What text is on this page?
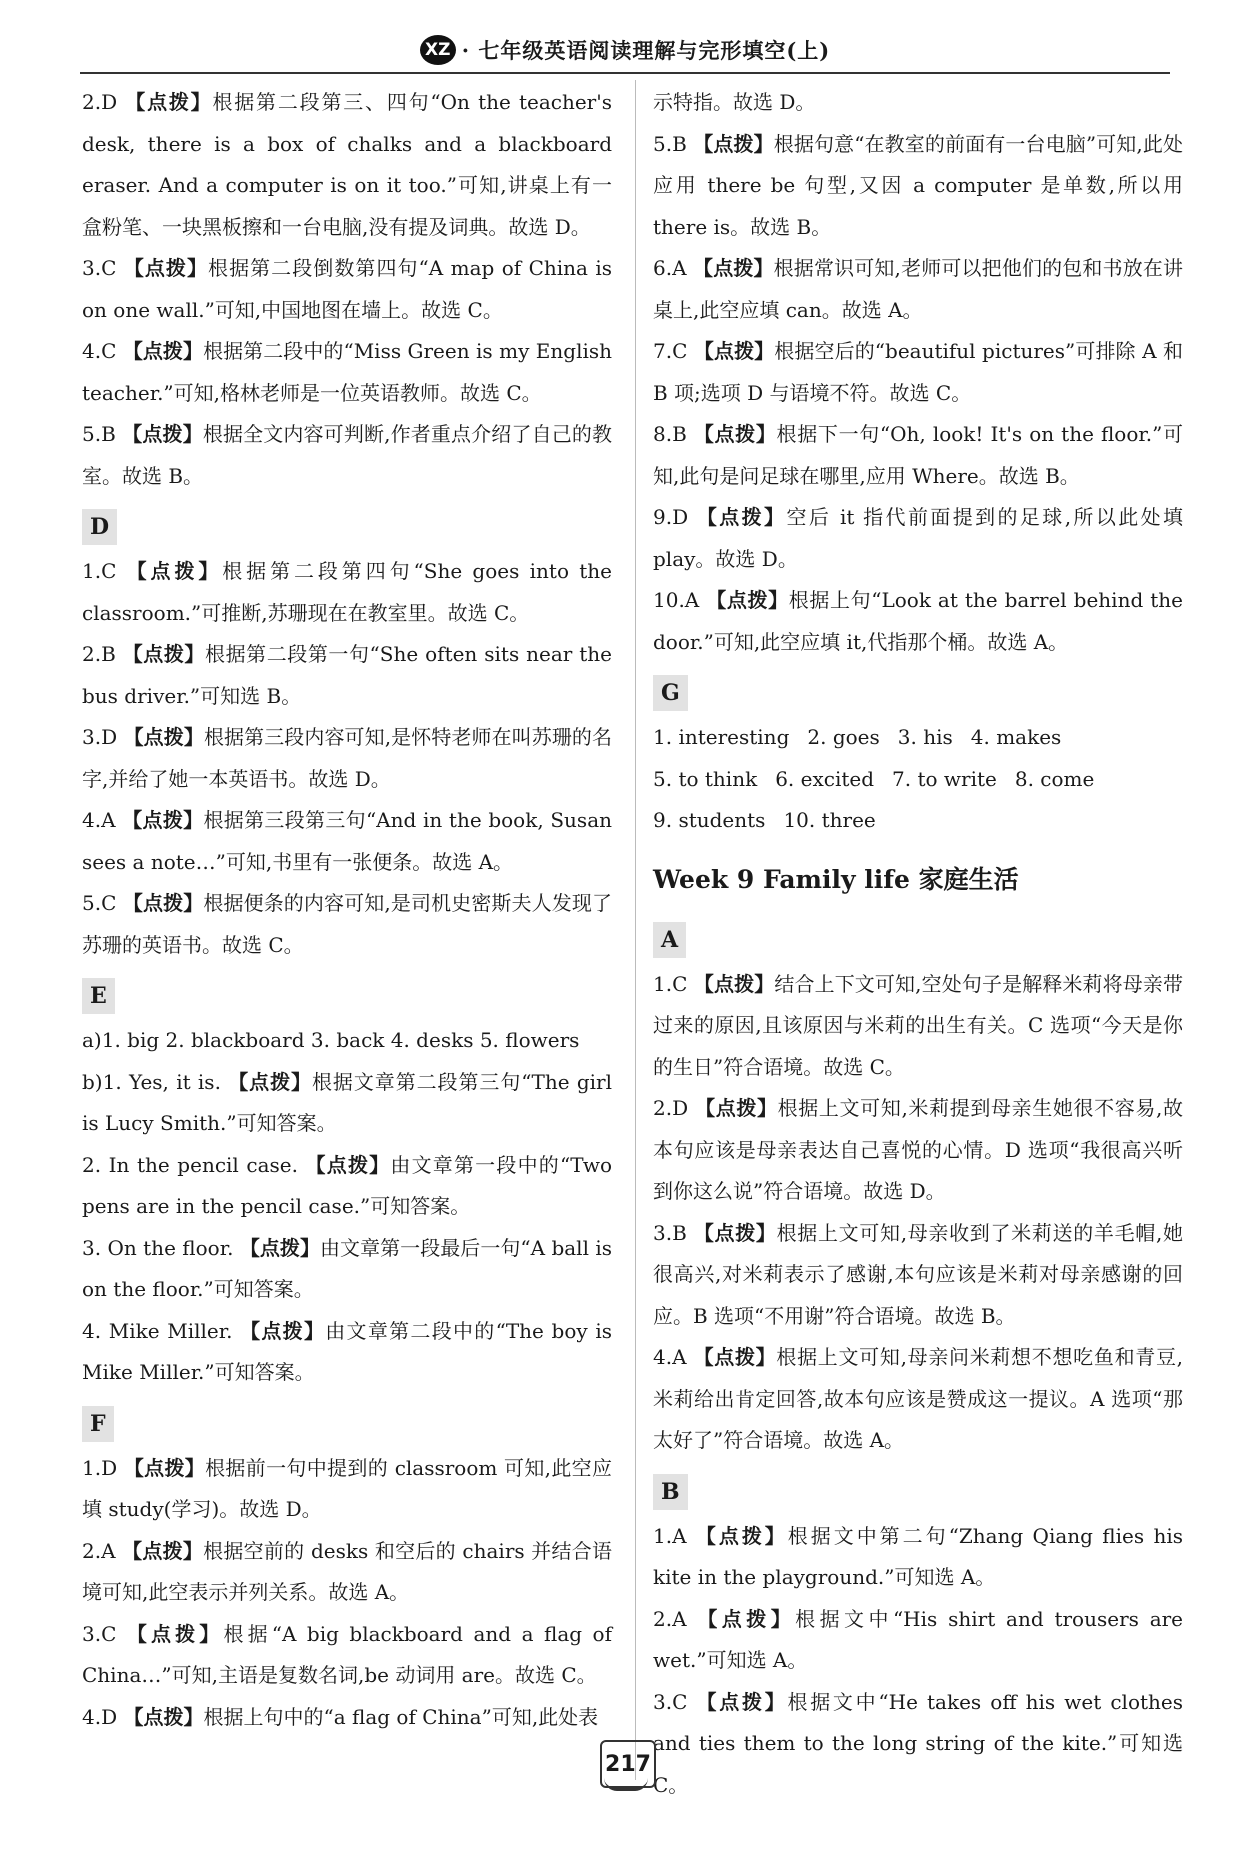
XZ · 七年级英语阅读理解与完形填空(上)

2.D 【点拨】根据第二段第三、四句“On the teacher's desk, there is a box of chalks and a blackboard eraser. And a computer is on it too.”可知,讲桌上有一盒粉笔、一块黑板擦和一台电脑,没有提及词典。故选 D。

3.C 【点拨】根据第二段倒数第四句“A map of China is on one wall.”可知,中国地图在墙上。故选 C。

4.C 【点拨】根据第二段中的“Miss Green is my English teacher.”可知,格林老师是一位英语教师。故选 C。

5.B 【点拨】根据全文内容可判断,作者重点介绍了自己的教室。故选 B。

D

1.C 【点拨】根据第二段第四句“She goes into the classroom.”可推断,苏珊现在在教室里。故选 C。

2.B 【点拨】根据第二段第一句“She often sits near the bus driver.”可知选 B。

3.D 【点拨】根据第三段内容可知,是怀特老师在叫苏珊的名字,并给了她一本英语书。故选 D。

4.A 【点拨】根据第三段第三句“And in the book, Susan sees a note…”可知,书里有一张便条。故选 A。

5.C 【点拨】根据便条的内容可知,是司机史密斯夫人发现了苏珊的英语书。故选 C。

E

a)1. big 2. blackboard 3. back 4. desks 5. flowers

b)1. Yes, it is. 【点拨】根据文章第二段第三句“The girl is Lucy Smith.”可知答案。

2. In the pencil case. 【点拨】由文章第一段中的“Two pens are in the pencil case.”可知答案。

3. On the floor. 【点拨】由文章第一段最后一句“A ball is on the floor.”可知答案。

4. Mike Miller. 【点拨】由文章第二段中的“The boy is Mike Miller.”可知答案。

F

1.D 【点拨】根据前一句中提到的 classroom 可知,此空应填 study(学习)。故选 D。

2.A 【点拨】根据空前的 desks 和空后的 chairs 并结合语境可知,此空表示并列关系。故选 A。

3.C 【点拨】根据“A big blackboard and a flag of China…”可知,主语是复数名词,be 动词用 are。故选 C。

4.D 【点拨】根据上句中的“a flag of China”可知,此处表

示特指。故选 D。

5.B 【点拨】根据句意“在教室的前面有一台电脑”可知,此处应用 there be 句型,又因 a computer 是单数,所以用 there is。故选 B。

6.A 【点拨】根据常识可知,老师可以把他们的包和书放在讲桌上,此空应填 can。故选 A。

7.C 【点拨】根据空后的“beautiful pictures”可排除 A 和 B 项;选项 D 与语境不符。故选 C。

8.B 【点拨】根据下一句“Oh, look! It's on the floor.”可知,此句是问足球在哪里,应用 Where。故选 B。

9.D 【点拨】空后 it 指代前面提到的足球,所以此处填 play。故选 D。

10.A 【点拨】根据上句“Look at the barrel behind the door.”可知,此空应填 it,代指那个桶。故选 A。

G
1. interesting 2. goes 3. his 4. makes
5. to think 6. excited 7. to write 8. come
9. students 10. three
Week 9 Family life 家庭生活
A

1.C 【点拨】结合上下文可知,空处句子是解释米莉将母亲带过来的原因,且该原因与米莉的出生有关。C 选项“今天是你的生日”符合语境。故选 C。

2.D 【点拨】根据上文可知,米莉提到母亲生她很不容易,故本句应该是母亲表达自己喜悦的心情。D 选项“我很高兴听到你这么说”符合语境。故选 D。

3.B 【点拨】根据上文可知,母亲收到了米莉送的羊毛帽,她很高兴,对米莉表示了感谢,本句应该是米莉对母亲感谢的回应。B 选项“不用谢”符合语境。故选 B。

4.A 【点拨】根据上文可知,母亲问米莉想不想吃鱼和青豆,米莉给出肯定回答,故本句应该是赞成这一提议。A 选项“那太好了”符合语境。故选 A。

B

1.A 【点拨】根据文中第二句“Zhang Qiang flies his kite in the playground.”可知选 A。

2.A 【点拨】根据文中“His shirt and trousers are wet.”可知选 A。

3.C 【点拨】根据文中“He takes off his wet clothes and ties them to the long string of the kite.”可知选 C。

217
